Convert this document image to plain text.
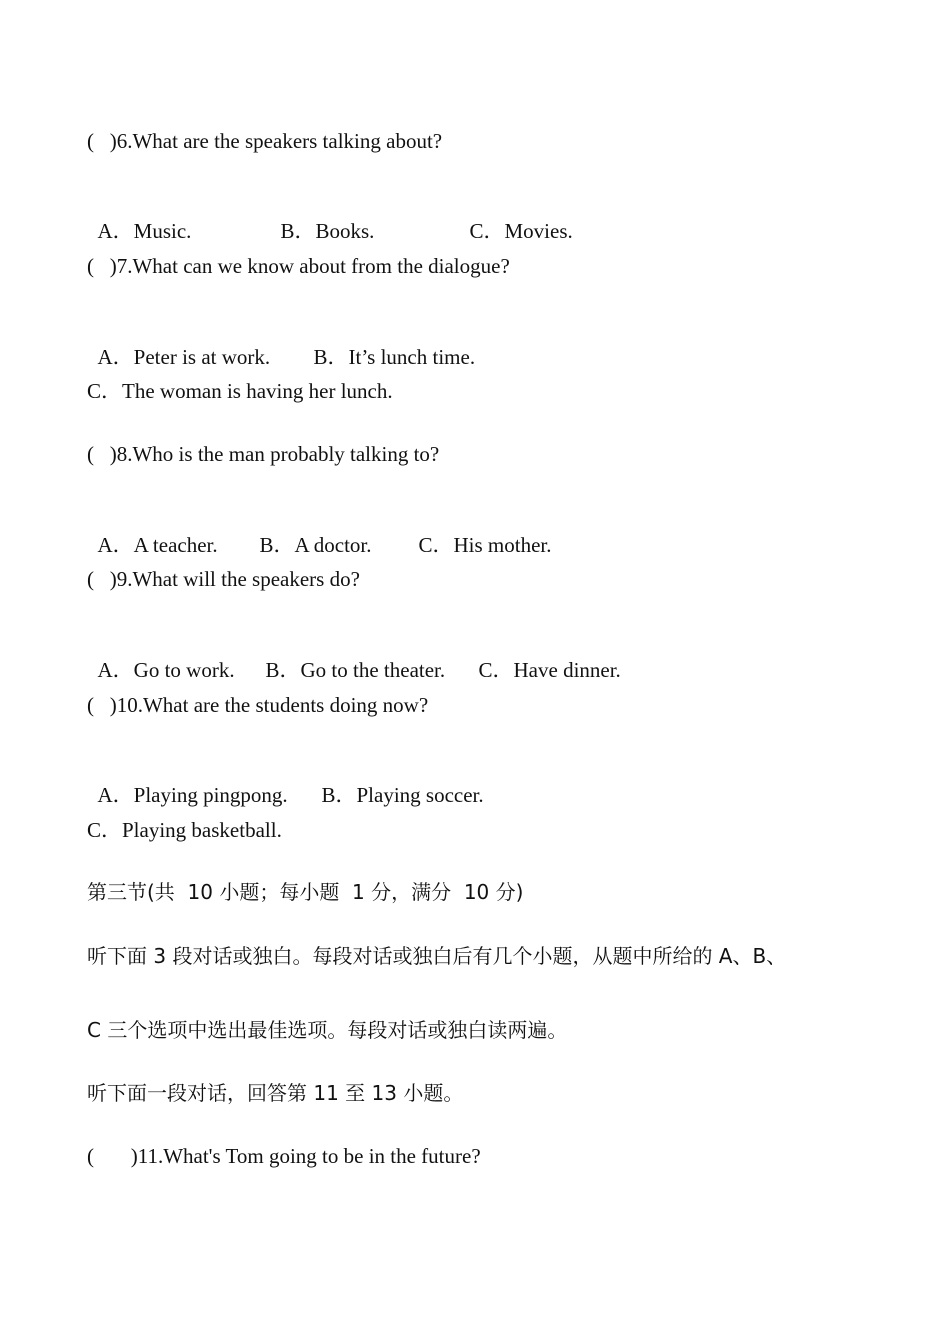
(   )6.What are the speakers talking about?

A．Music.	B．Books.	C．Movies.

(   )7.What can we know about from the dialogue?

A．Peter is at work. B．It’s lunch time.

C．The woman is having her lunch.
(   )8.Who is the man probably talking to?

A．A teacher. B．A doctor. C．His mother.

(   )9.What will the speakers do?

A．Go to work. B．Go to the theater. C．Have dinner.

(   )10.What are the students doing now?

A．Playing pingpong. B．Playing soccer.

C．Playing basketball.
第三节(共  10 小题；每小题  1 分，满分  10 分)
听下面 3 段对话或独白。每段对话或独白后有几个小题，从题中所给的 A、B、
C 三个选项中选出最佳选项。每段对话或独白读两遍。
听下面一段对话，回答第 11 至 13 小题。
(       )11.What's Tom going to be in the future?
